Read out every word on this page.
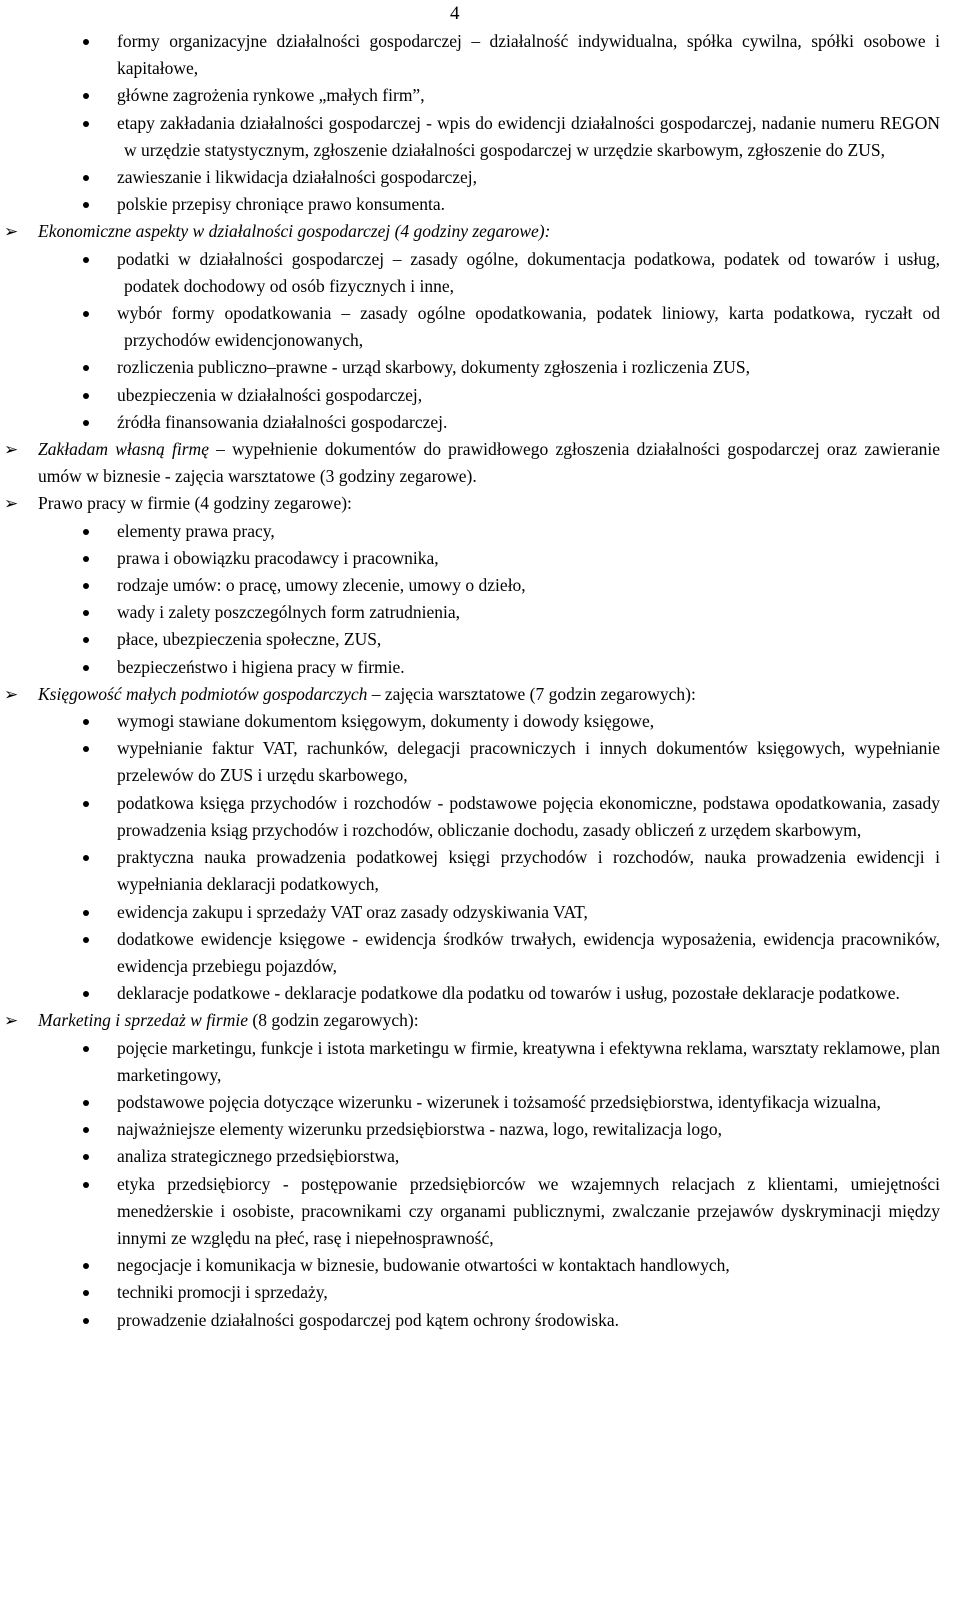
4
formy organizacyjne działalności gospodarczej – działalność indywidualna, spółka cywilna, spółki osobowe i kapitałowe,
główne zagrożenia rynkowe „małych firm”,
etapy zakładania działalności gospodarczej - wpis do ewidencji działalności gospodarczej, nadanie numeru REGON w urzędzie statystycznym, zgłoszenie działalności gospodarczej w urzędzie skarbowym, zgłoszenie do ZUS,
zawieszanie i likwidacja działalności gospodarczej,
polskie przepisy chroniące prawo konsumenta.
➢ Ekonomiczne aspekty w działalności gospodarczej (4 godziny zegarowe):
podatki w działalności gospodarczej – zasady ogólne, dokumentacja podatkowa, podatek od towarów i usług, podatek dochodowy od osób fizycznych i inne,
wybór formy opodatkowania – zasady ogólne opodatkowania, podatek liniowy, karta podatkowa, ryczałt od przychodów ewidencjonowanych,
rozliczenia publiczno–prawne - urząd skarbowy, dokumenty zgłoszenia i rozliczenia ZUS,
ubezpieczenia w działalności gospodarczej,
źródła finansowania działalności gospodarczej.
➢ Zakładam własną firmę – wypełnienie dokumentów do prawidłowego zgłoszenia działalności gospodarczej oraz zawieranie umów w biznesie - zajęcia warsztatowe (3 godziny zegarowe).
➢ Prawo pracy w firmie (4 godziny zegarowe):
elementy prawa pracy,
prawa i obowiązku pracodawcy i pracownika,
rodzaje umów: o pracę, umowy zlecenie, umowy o dzieło,
wady i zalety poszczególnych form zatrudnienia,
płace, ubezpieczenia społeczne, ZUS,
bezpieczeństwo i higiena pracy w firmie.
➢ Księgowość małych podmiotów gospodarczych – zajęcia warsztatowe (7 godzin zegarowych):
wymogi stawiane dokumentom księgowym, dokumenty i dowody księgowe,
wypełnianie faktur VAT, rachunków, delegacji pracowniczych i innych dokumentów księgowych, wypełnianie przelewów do ZUS i urzędu skarbowego,
podatkowa księga przychodów i rozchodów - podstawowe pojęcia ekonomiczne, podstawa opodatkowania, zasady prowadzenia ksiąg przychodów i rozchodów, obliczanie dochodu, zasady obliczeń z urzędem skarbowym,
praktyczna nauka prowadzenia podatkowej księgi przychodów i rozchodów, nauka prowadzenia ewidencji i wypełniania deklaracji podatkowych,
ewidencja zakupu i sprzedaży VAT oraz zasady odzyskiwania VAT,
dodatkowe ewidencje księgowe - ewidencja środków trwałych, ewidencja wyposażenia, ewidencja pracowników, ewidencja przebiegu pojazdów,
deklaracje podatkowe - deklaracje podatkowe dla podatku od towarów i usług, pozostałe deklaracje podatkowe.
➢ Marketing i sprzedaż w firmie (8 godzin zegarowych):
pojęcie marketingu, funkcje i istota marketingu w firmie, kreatywna i efektywna reklama, warsztaty reklamowe, plan marketingowy,
podstawowe pojęcia dotyczące wizerunku - wizerunek i tożsamość przedsiębiorstwa, identyfikacja wizualna,
najważniejsze elementy wizerunku przedsiębiorstwa - nazwa, logo, rewitalizacja logo,
analiza strategicznego przedsiębiorstwa,
etyka przedsiębiorcy - postępowanie przedsiębiorców we wzajemnych relacjach z klientami, umiejętności menedżerskie i osobiste, pracownikami czy organami publicznymi, zwalczanie przejawów dyskryminacji między innymi ze względu na płeć, rasę i niepełnosprawność,
negocjacje i komunikacja w biznesie, budowanie otwartości w kontaktach handlowych,
techniki promocji i sprzedaży,
prowadzenie działalności gospodarczej pod kątem ochrony środowiska.
